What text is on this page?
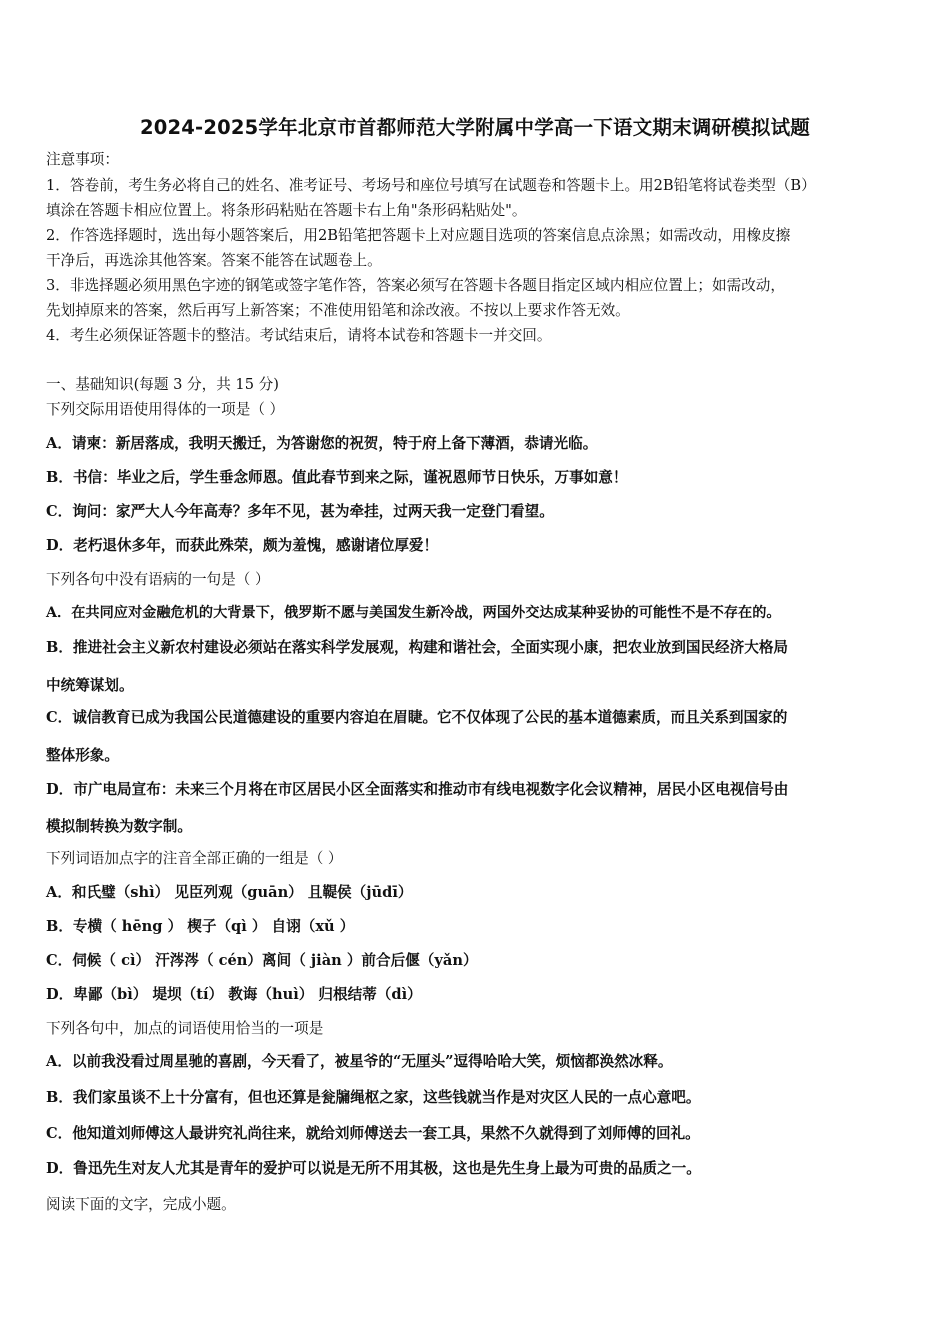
2024-2025学年北京市首都师范大学附属中学高一下语文期末调研模拟试题
注意事项：
1．答卷前，考生务必将自己的姓名、准考证号、考场号和座位号填写在试题卷和答题卡上。用2B铅笔将试卷类型（B）
填涂在答题卡相应位置上。将条形码粘贴在答题卡右上角"条形码粘贴处"。
2．作答选择题时，选出每小题答案后，用2B铅笔把答题卡上对应题目选项的答案信息点涂黑；如需改动，用橡皮擦
干净后，再选涂其他答案。答案不能答在试题卷上。
3．非选择题必须用黑色字迹的钢笔或签字笔作答，答案必须写在答题卡各题目指定区域内相应位置上；如需改动，
先划掉原来的答案，然后再写上新答案；不准使用铅笔和涂改液。不按以上要求作答无效。
4．考生必须保证答题卡的整洁。考试结束后，请将本试卷和答题卡一并交回。
一、基础知识(每题 3 分，共 15 分)
下列交际用语使用得体的一项是（ ）
A．请柬：新居落成，我明天搬迁，为答谢您的祝贺，特于府上备下薄酒，恭请光临。
B．书信：毕业之后，学生垂念师恩。值此春节到来之际，谨祝恩师节日快乐，万事如意！
C．询问：家严大人今年高寿？多年不见，甚为牵挂，过两天我一定登门看望。
D．老朽退休多年，而获此殊荣，颇为羞愧，感谢诸位厚爱！
下列各句中没有语病的一句是（ ）
A．在共同应对金融危机的大背景下，俄罗斯不愿与美国发生新冷战，两国外交达成某种妥协的可能性不是不存在的。
B．推进社会主义新农村建设必须站在落实科学发展观，构建和谐社会，全面实现小康，把农业放到国民经济大格局
中统筹谋划。
C．诚信教育已成为我国公民道德建设的重要内容迫在眉睫。它不仅体现了公民的基本道德素质，而且关系到国家的
整体形象。
D．市广电局宣布：未来三个月将在市区居民小区全面落实和推动市有线电视数字化会议精神，居民小区电视信号由
模拟制转换为数字制。
下列词语加点字的注音全部正确的一组是（ ）
A．和氏璧（shì） 见臣列观（guān） 且鞮侯（jūdī）
B．专横（ hēng ） 楔子（qì ） 自诩（xǔ ）
C．伺候（ cì） 汗涔涔（ cén）离间（ jiàn ）前合后偃（yǎn）
D．卑鄙（bì） 堤坝（tí） 教诲（huì） 归根结蒂（dì）
下列各句中，加点的词语使用恰当的一项是
A．以前我没看过周星驰的喜剧，今天看了，被星爷的“无厘头”逗得哈哈大笑，烦恼都涣然冰释。
B．我们家虽谈不上十分富有，但也还算是瓮牖绳枢之家，这些钱就当作是对灾区人民的一点心意吧。
C．他知道刘师傅这人最讲究礼尚往来，就给刘师傅送去一套工具，果然不久就得到了刘师傅的回礼。
D．鲁迅先生对友人尤其是青年的爱护可以说是无所不用其极，这也是先生身上最为可贵的品质之一。
阅读下面的文字，完成小题。
